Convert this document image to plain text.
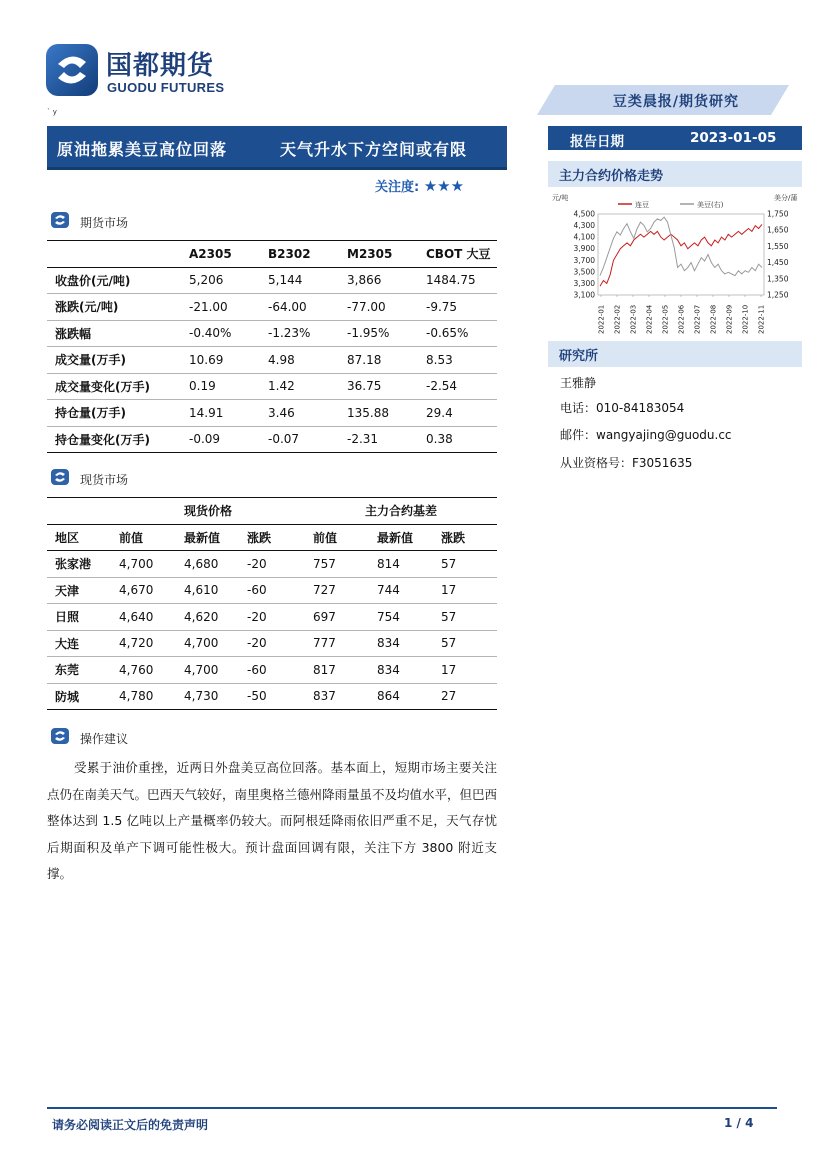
国都期货
GUODU FUTURES
豆类晨报/期货研究
` y
原油拖累美豆高位回落	天气升水下方空间或有限
关注度: ★★★
期货市场
	A2305	B2302	M2305	CBOT 大豆
收盘价(元/吨)	5,206	5,144	3,866	1484.75
涨跌(元/吨)	-21.00	-64.00	-77.00	-9.75
涨跌幅	-0.40%	-1.23%	-1.95%	-0.65%
成交量(万手)	10.69	4.98	87.18	8.53
成交量变化(万手)	0.19	1.42	36.75	-2.54
持仓量(万手)	14.91	3.46	135.88	29.4
持仓量变化(万手)	-0.09	-0.07	-2.31	0.38
现货市场
	现货价格			主力合约基差		
地区	前值	最新值	涨跌	前值	最新值	涨跌
张家港	4,700	4,680	-20	757	814	57
天津	4,670	4,610	-60	727	744	17
日照	4,640	4,620	-20	697	754	57
大连	4,720	4,700	-20	777	834	57
东莞	4,760	4,700	-60	817	834	17
防城	4,780	4,730	-50	837	864	27
操作建议

受累于油价重挫，近两日外盘美豆高位回落。基本面上，短期市场主要关注点仍在南美天气。巴西天气较好，南里奥格兰德州降雨量虽不及均值水平，但巴西整体达到 1.5 亿吨以上产量概率仍较大。而阿根廷降雨依旧严重不足，天气存忧后期面积及单产下调可能性极大。预计盘面回调有限，关注下方 3800 附近支撑。

报告日期	2023-01-05
主力合约价格走势
元/吨	美分/蒲
连豆	美豆(右)
4,500
4,300
4,100
3,900
3,700
3,500
3,300
3,100
1,750
1,650
1,550
1,450
1,350
1,250
2022-01 2022-02 2022-03 2022-04 2022-05 2022-06 2022-07 2022-08 2022-09 2022-10 2022-11
研究所
王雅静
电话：010-84183054
邮件：wangyajing@guodu.cc
从业资格号：F3051635
请务必阅读正文后的免责声明	1 / 4
